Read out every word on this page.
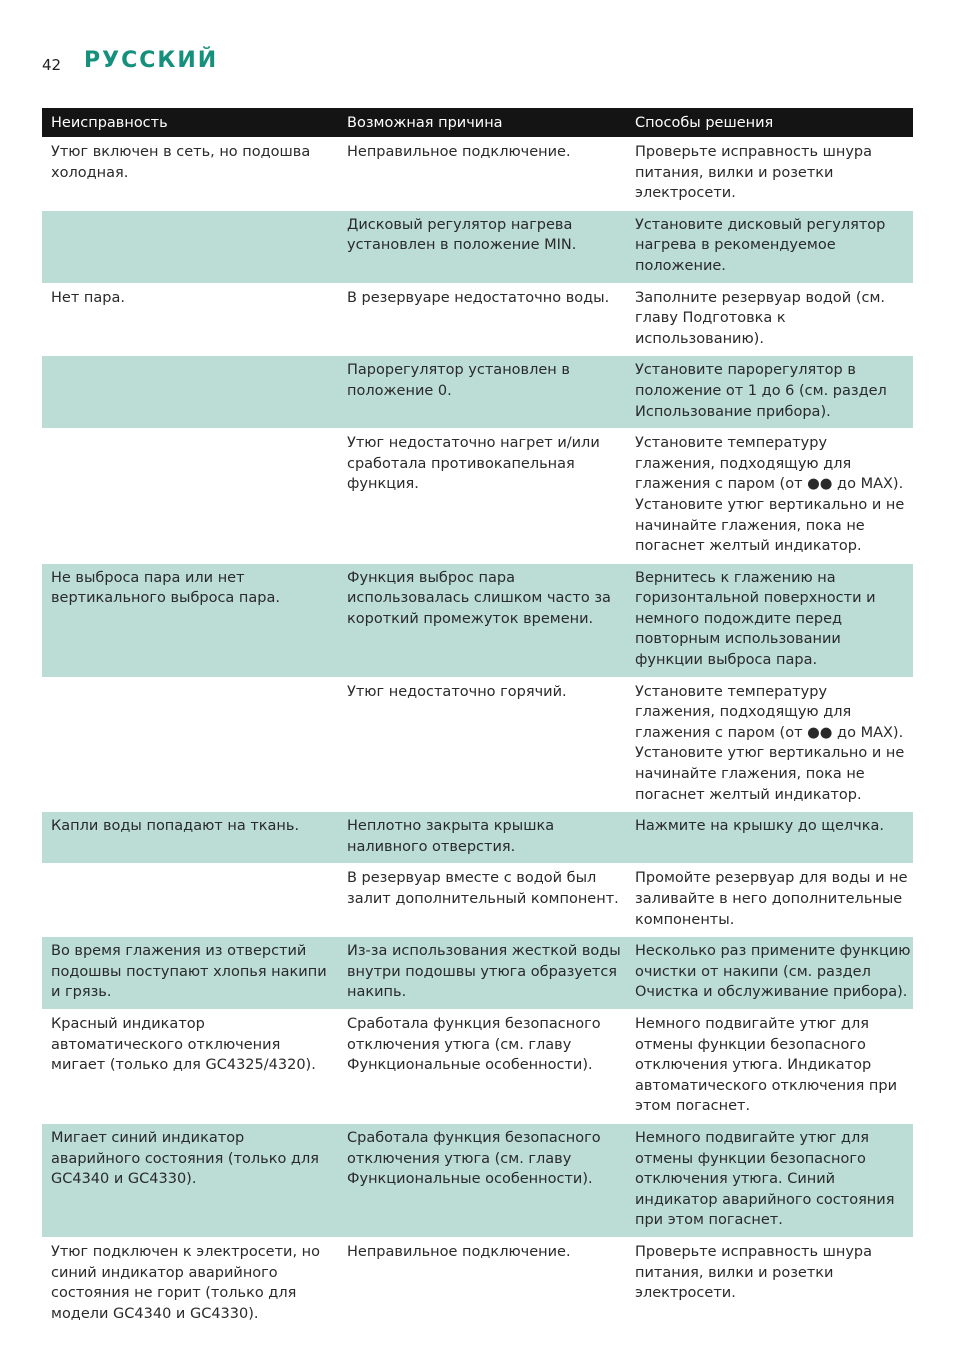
42 РУССКИЙ
Неисправность	Возможная причина	Способы решения
Утюг включен в сеть, но подошва холодная.	Неправильное подключение.	Проверьте исправность шнура питания, вилки и розетки электросети.
	Дисковый регулятор нагрева установлен в положение MIN.	Установите дисковый регулятор нагрева в рекомендуемое положение.
Нет пара.	В резервуаре недостаточно воды.	Заполните резервуар водой (см. главу Подготовка к использованию).
	Парорегулятор установлен в положение 0.	Установите парорегулятор в положение от 1 до 6 (см. раздел Использование прибора).
	Утюг недостаточно нагрет и/или сработала противокапельная функция.	Установите температуру глажения, подходящую для глажения с паром (от ●● до MAX). Установите утюг вертикально и не начинайте глажения, пока не погаснет желтый индикатор.
Не выброса пара или нет вертикального выброса пара.	Функция выброс пара использовалась слишком часто за короткий промежуток времени.	Вернитесь к глажению на горизонтальной поверхности и немного подождите перед повторным использовании функции выброса пара.
	Утюг недостаточно горячий.	Установите температуру глажения, подходящую для глажения с паром (от ●● до MAX). Установите утюг вертикально и не начинайте глажения, пока не погаснет желтый индикатор.
Капли воды попадают на ткань.	Неплотно закрыта крышка наливного отверстия.	Нажмите на крышку до щелчка.
	В резервуар вместе с водой был залит дополнительный компонент.	Промойте резервуар для воды и не заливайте в него дополнительные компоненты.
Во время глажения из отверстий подошвы поступают хлопья накипи и грязь.	Из-за использования жесткой воды внутри подошвы утюга образуется накипь.	Несколько раз примените функцию очистки от накипи (см. раздел Очистка и обслуживание прибора).
Красный индикатор автоматического отключения мигает (только для GC4325/4320).	Сработала функция безопасного отключения утюга (см. главу Функциональные особенности).	Немного подвигайте утюг для отмены функции безопасного отключения утюга. Индикатор автоматического отключения при этом погаснет.
Мигает синий индикатор аварийного состояния (только для GC4340 и GC4330).	Сработала функция безопасного отключения утюга (см. главу Функциональные особенности).	Немного подвигайте утюг для отмены функции безопасного отключения утюга. Синий индикатор аварийного состояния при этом погаснет.
Утюг подключен к электросети, но синий индикатор аварийного состояния не горит (только для модели GC4340 и GC4330).	Неправильное подключение.	Проверьте исправность шнура питания, вилки и розетки электросети.
